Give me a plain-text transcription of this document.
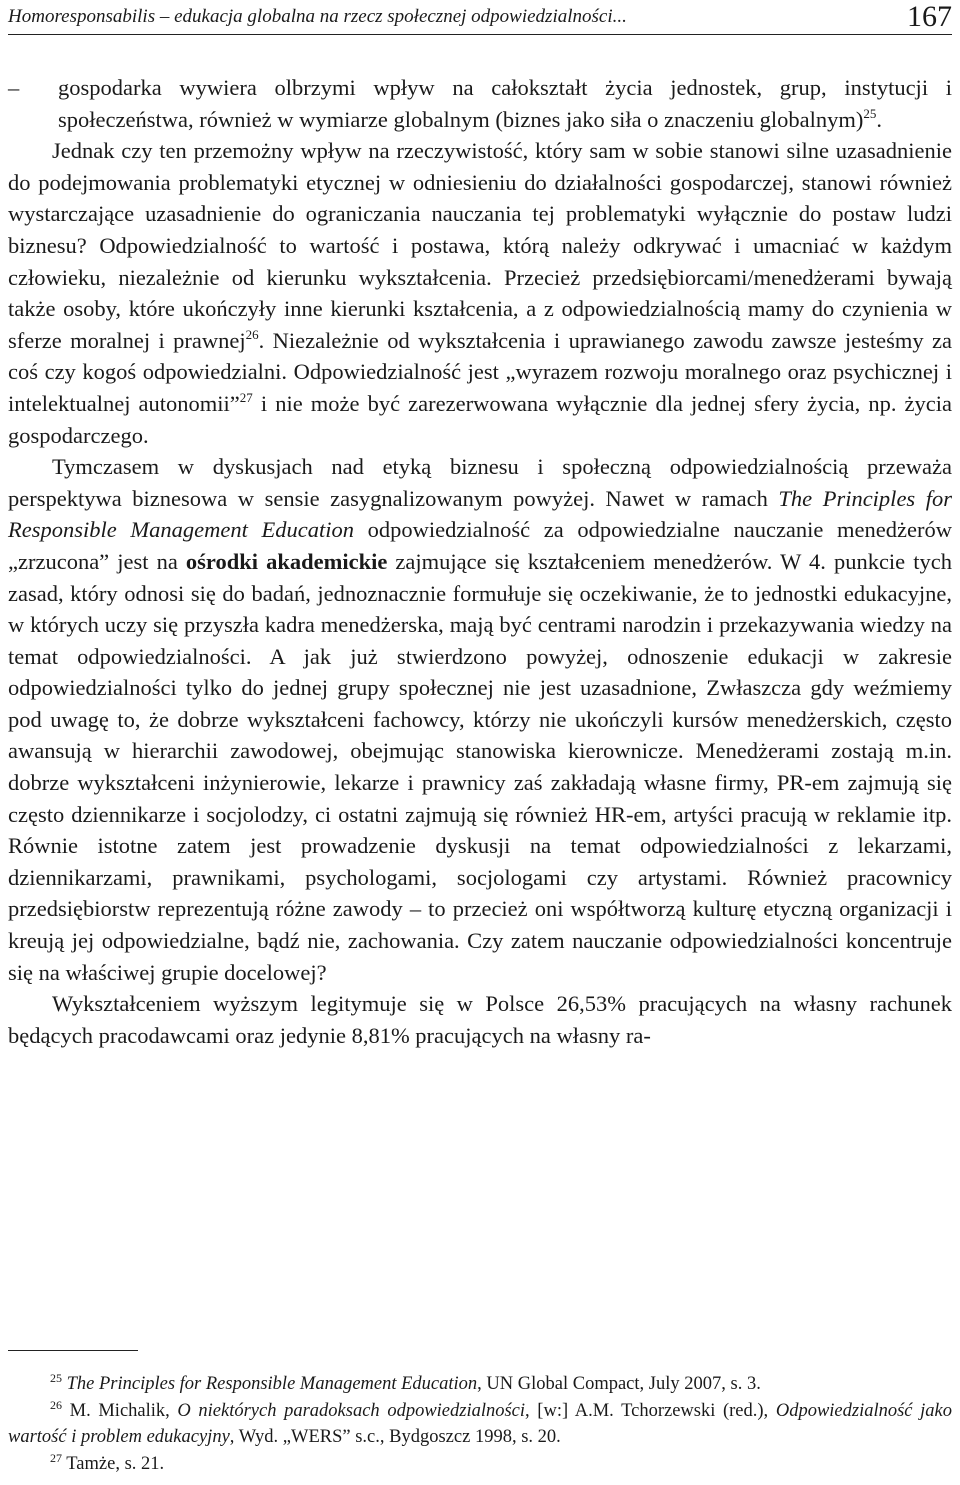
Homoresponsabilis – edukacja globalna na rzecz społecznej odpowiedzialności...	167
–	gospodarka wywiera olbrzymi wpływ na całokształt życia jednostek, grup, instytucji i społeczeństwa, również w wymiarze globalnym (biznes jako siła o znaczeniu globalnym)$^{25}$.

Jednak czy ten przemożny wpływ na rzeczywistość, który sam w sobie stanowi silne uzasadnienie do podejmowania problematyki etycznej w odniesieniu do działalności gospodarczej, stanowi również wystarczające uzasadnienie do ograniczania nauczania tej problematyki wyłącznie do postaw ludzi biznesu? Odpowiedzialność to wartość i postawa, którą należy odkrywać i umacniać w każdym człowieku, niezależnie od kierunku wykształcenia. Przecież przedsiębiorcami/menedżerami bywają także osoby, które ukończyły inne kierunki kształcenia, a z odpowiedzialnością mamy do czynienia w sferze moralnej i prawnej$^{26}$. Niezależnie od wykształcenia i uprawianego zawodu zawsze jesteśmy za coś czy kogoś odpowiedzialni. Odpowiedzialność jest „wyrazem rozwoju moralnego oraz psychicznej i intelektualnej autonomii”$^{27}$ i nie może być zarezerwowana wyłącznie dla jednej sfery życia, np. życia gospodarczego.

Tymczasem w dyskusjach nad etyką biznesu i społeczną odpowiedzialnością przeważa perspektywa biznesowa w sensie zasygnalizowanym powyżej. Nawet w ramach The Principles for Responsible Management Education odpowiedzialność za odpowiedzialne nauczanie menedżerów „zrzucona” jest na ośrodki akademickie zajmujące się kształceniem menedżerów. W 4. punkcie tych zasad, który odnosi się do badań, jednoznacznie formułuje się oczekiwanie, że to jednostki edukacyjne, w których uczy się przyszła kadra menedżerska, mają być centrami narodzin i przekazywania wiedzy na temat odpowiedzialności. A jak już stwierdzono powyżej, odnoszenie edukacji w zakresie odpowiedzialności tylko do jednej grupy społecznej nie jest uzasadnione, Zwłaszcza gdy weźmiemy pod uwagę to, że dobrze wykształceni fachowcy, którzy nie ukończyli kursów menedżerskich, często awansują w hierarchii zawodowej, obejmując stanowiska kierownicze. Menedżerami zostają m.in. dobrze wykształceni inżynierowie, lekarze i prawnicy zaś zakładają własne firmy, PR-em zajmują się często dziennikarze i socjolodzy, ci ostatni zajmują się również HR-em, artyści pracują w reklamie itp. Równie istotne zatem jest prowadzenie dyskusji na temat odpowiedzialności z lekarzami, dziennikarzami, prawnikami, psychologami, socjologami czy artystami. Również pracownicy przedsiębiorstw reprezentują różne zawody – to przecież oni współtworzą kulturę etyczną organizacji i kreują jej odpowiedzialne, bądź nie, zachowania. Czy zatem nauczanie odpowiedzialności koncentruje się na właściwej grupie docelowej?

Wykształceniem wyższym legitymuje się w Polsce 26,53% pracujących na własny rachunek będących pracodawcami oraz jedynie 8,81% pracujących na własny ra-

$^{25}$ The Principles for Responsible Management Education, UN Global Compact, July 2007, s. 3.

$^{26}$ M. Michalik, O niektórych paradoksach odpowiedzialności, [w:] A.M. Tchorzewski (red.), Odpowiedzialność jako wartość i problem edukacyjny, Wyd. „WERS” s.c., Bydgoszcz 1998, s. 20.

$^{27}$ Tamże, s. 21.
